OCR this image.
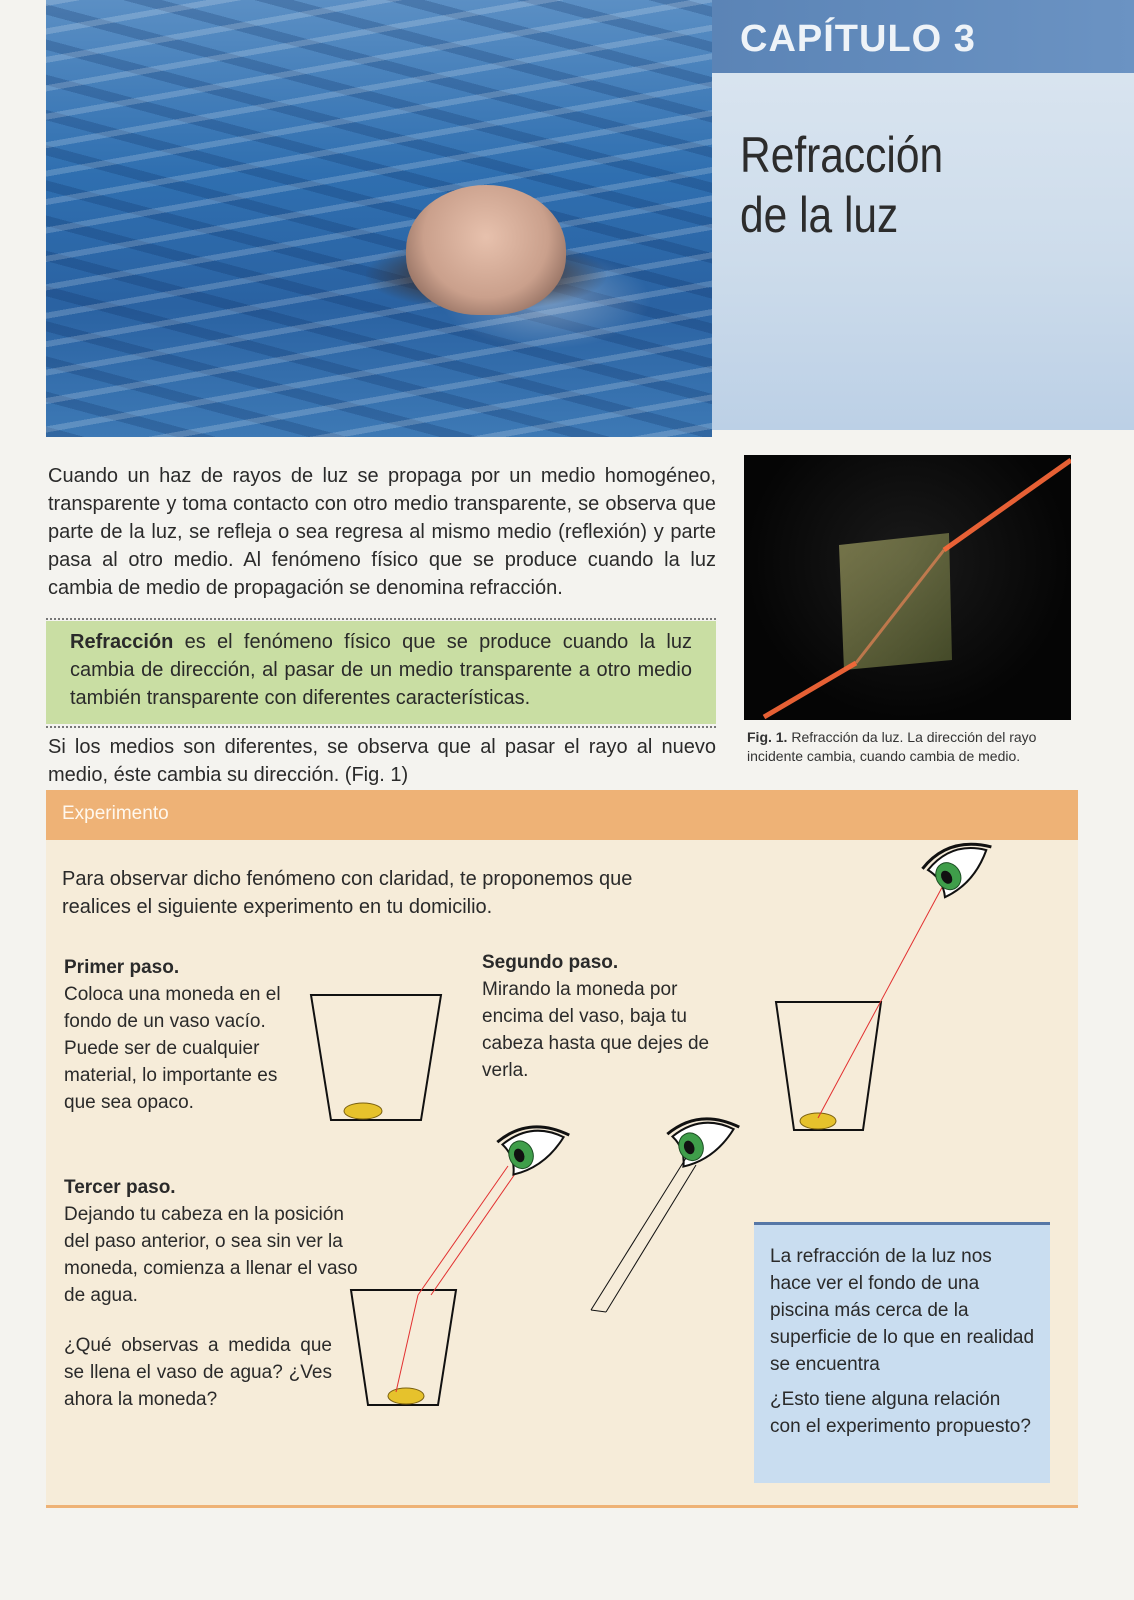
CAPÍTULO 3
Refracción
de la luz
Cuando un haz de rayos de luz se propaga por un medio homogéneo, transparente y toma contacto con otro medio transparente, se observa que parte de la luz, se refleja o sea regresa al mismo medio (reflexión) y parte pasa al otro medio. Al fenómeno físico que se produce cuando la luz cambia de medio de propagación se denomina refracción.
Refracción es el fenómeno físico que se produce cuando la luz cambia de dirección, al pasar de un medio transparente a otro medio también transparente con diferentes características.
Si los medios son diferentes, se observa que al pasar el rayo al nuevo medio, éste cambia su dirección. (Fig. 1)
Fig. 1. Refracción da luz. La dirección del rayo incidente cambia, cuando cambia de medio.
Experimento
Para observar dicho fenómeno con claridad, te proponemos que realices el siguiente experimento en tu domicilio.
Primer paso.
Coloca una moneda en el fondo de un vaso vacío. Puede ser de cualquier material, lo importante es que sea opaco.
Segundo paso.
Mirando la moneda por encima del vaso, baja tu cabeza hasta que dejes de verla.
Tercer paso.
Dejando tu cabeza en la posición del paso anterior, o sea sin ver la moneda, comienza a llenar el vaso de agua.
¿Qué observas a medida que se llena el vaso de agua? ¿Ves ahora la moneda?
La refracción de la luz nos hace ver el fondo de una piscina más cerca de la superficie de lo que en realidad se encuentra
¿Esto tiene alguna relación con el experimento propuesto?
